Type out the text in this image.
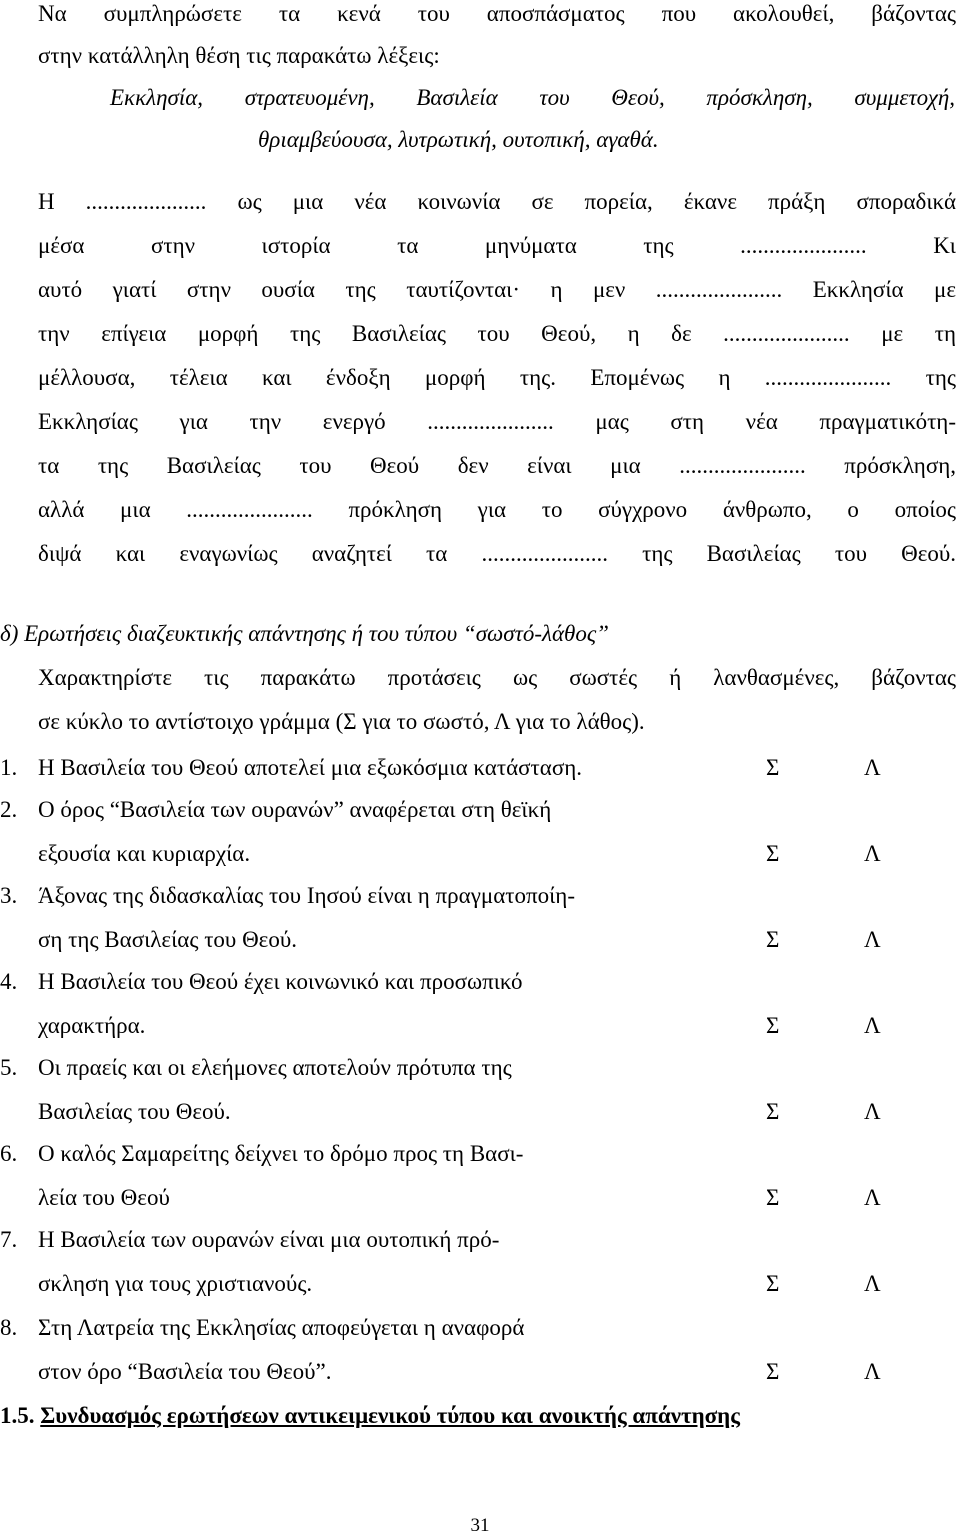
Να συμπληρώσετε τα κενά του αποσπάσματος που ακολουθεί, βάζοντας
στην κατάλληλη θέση τις παρακάτω λέξεις:
Εκκλησία, στρατευομένη, Βασιλεία του Θεού, πρόσκληση, συμμετοχή,
θριαμβεύουσα, λυτρωτική, ουτοπική, αγαθά.
Η ..................... ως μια νέα κοινωνία σε πορεία, έκανε πράξη σποραδικά
μέσα στην ιστορία τα μηνύματα της ...................... Κι
αυτό γιατί στην ουσία της ταυτίζονται· η μεν ...................... Εκκλησία με
την επίγεια μορφή της Βασιλείας του Θεού, η δε ...................... με τη
μέλλουσα, τέλεια και ένδοξη μορφή της. Επομένως η ...................... της
Εκκλησίας για την ενεργό ...................... μας στη νέα πραγματικότη-
τα της Βασιλείας του Θεού δεν είναι μια ...................... πρόσκληση,
αλλά μια ...................... πρόκληση για το σύγχρονο άνθρωπο, ο οποίος
διψά και εναγωνίως αναζητεί τα ...................... της Βασιλείας του Θεού.
δ) Ερωτήσεις διαζευκτικής απάντησης ή του τύπου “σωστό-λάθος”
Χαρακτηρίστε τις παρακάτω προτάσεις ως σωστές ή λανθασμένες, βάζοντας
σε κύκλο το αντίστοιχο γράμμα (Σ για το σωστό, Λ για το λάθος).
1. Η Βασιλεία του Θεού αποτελεί μια εξωκόσμια κατάσταση.	Σ	Λ
2. Ο όρος “Βασιλεία των ουρανών” αναφέρεται στη θεϊκή
εξουσία και κυριαρχία.	Σ	Λ
3. Άξονας της διδασκαλίας του Ιησού είναι η πραγματοποίη-
ση της Βασιλείας του Θεού.	Σ	Λ
4. Η Βασιλεία του Θεού έχει κοινωνικό και προσωπικό
χαρακτήρα.	Σ	Λ
5. Οι πραείς και οι ελεήμονες αποτελούν πρότυπα της
Βασιλείας του Θεού.	Σ	Λ
6. Ο καλός Σαμαρείτης δείχνει το δρόμο προς τη Βασι-
λεία του Θεού	Σ	Λ
7. Η Βασιλεία των ουρανών είναι μια ουτοπική πρό-
σκληση για τους χριστιανούς.	Σ	Λ
8. Στη Λατρεία της Εκκλησίας αποφεύγεται η αναφορά
στον όρο “Βασιλεία του Θεού”.	Σ	Λ
1.5. Συνδυασμός ερωτήσεων αντικειμενικού τύπου και ανοικτής απάντησης
31
